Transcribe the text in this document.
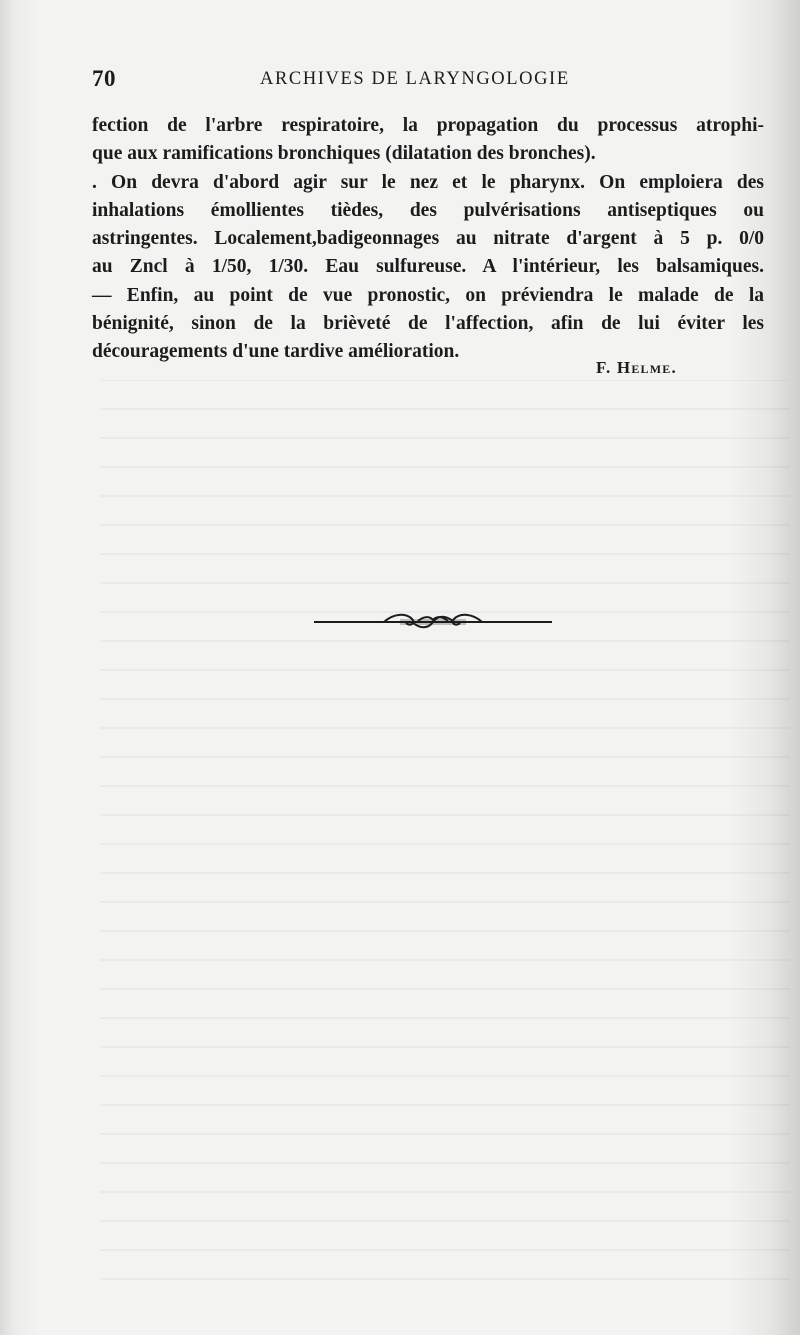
70	ARCHIVES DE LARYNGOLOGIE
fection de l'arbre respiratoire, la propagation du processus atrophi-
que aux ramifications bronchiques (dilatation des bronches).
. On devra d'abord agir sur le nez et le pharynx. On emploiera des
inhalations émollientes tièdes, des pulvérisations antiseptiques ou
astringentes. Localement,badigeonnages au nitrate d'argent à 5 p. 0/0
au Zncl à 1/50, 1/30. Eau sulfureuse. A l'intérieur, les balsamiques.
— Enfin, au point de vue pronostic, on préviendra le malade de la
bénignité, sinon de la brièveté de l'affection, afin de lui éviter les
découragements d'une tardive amélioration.
F. Helme.
